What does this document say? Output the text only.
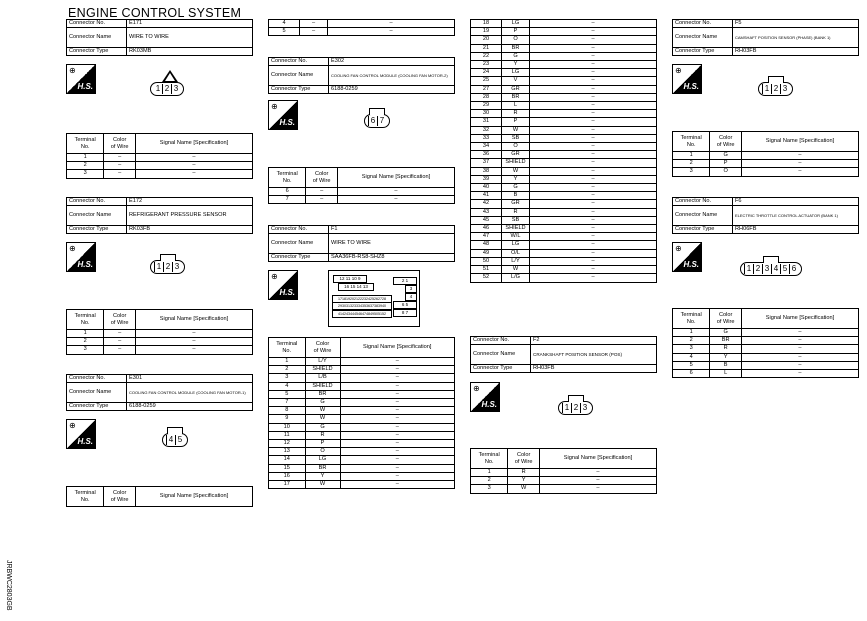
ENGINE CONTROL SYSTEM
JRBWC2803GB
Connector No.	E171
Connector Name	WIRE TO WIRE
Connector Type	RK03MB
⊕
H.S.	1 2 3
Terminal
No.	Color
of Wire	Signal Name [Specification]
1	–	–
2	–	–
3	–	–
Connector No.	E172
Connector Name	REFRIGERANT PRESSURE SENSOR
Connector Type	RK03FB
⊕
H.S.	1 2 3
Terminal
No.	Color
of Wire	Signal Name [Specification]
1	–	–
2	–	–
3	–	–
Connector No.	E301
Connector Name	COOLING FAN CONTROL MODULE (COOLING FAN MOTOR-1)
Connector Type	6188-0259
⊕
H.S.	4 5
Terminal
No.	Color
of Wire	Signal Name [Specification]
4	–	–
5	–	–
Connector No.	E302
Connector Name	COOLING FAN CONTROL MODULE (COOLING FAN MOTOR-2)
Connector Type	6188-0259
⊕
H.S.	6 7
Terminal
No.	Color
of Wire	Signal Name [Specification]
6	–	–
7	–	–
Connector No.	F1
Connector Name	WIRE TO WIRE
Connector Type	SAA36FB-RS8-SHZ8
⊕
H.S.
12 11 10 9
16 15 14 13
2 1
3
4
6 5
8 7
171819202122232425262728
293031323334353637383940
414243444546474849505152
Terminal
No.	Color
of Wire	Signal Name [Specification]
1	L/Y	–
2	SHIELD	–
3	L/B	–
4	SHIELD	–
5	BR	–
7	G	–
8	W	–
9	W	–
10	G	–
11	R	–
12	P	–
13	O	–
14	LG	–
15	BR	–
16	Y	–
17	W	–
18	LG	–
19	P	–
20	O	–
21	BR	–
22	G	–
23	Y	–
24	LG	–
25	V	–
27	GR	–
28	BR	–
29	L	–
30	R	–
31	P	–
32	W	–
33	SB	–
34	O	–
36	GR	–
37	SHIELD	–
38	W	–
39	Y	–
40	G	–
41	B	–
42	GR	–
43	R	–
45	SB	–
46	SHIELD	–
47	W/L	–
48	LG	–
49	O/L	–
50	L/Y	–
51	W	–
52	L/G	–
Connector No.	F2
Connector Name	CRANKSHAFT POSITION SENSOR (POS)
Connector Type	RH03FB
⊕
H.S.	1 2 3
Terminal
No.	Color
of Wire	Signal Name [Specification]
1	R	–
2	Y	–
3	W	–
Connector No.	F5
Connector Name	CAMSHAFT POSITION SENSOR (PHASE) (BANK 1)
Connector Type	RH03FB
⊕
H.S.	1 2 3
Terminal
No.	Color
of Wire	Signal Name [Specification]
1	G	–
2	P	–
3	O	–
Connector No.	F6
Connector Name	ELECTRIC THROTTLE CONTROL ACTUATOR (BANK 1)
Connector Type	RH06FB
⊕
H.S.	1 2 3 4 5 6
Terminal
No.	Color
of Wire	Signal Name [Specification]
1	G	–
2	BR	–
3	R	–
4	Y	–
5	B	–
6	L	–
